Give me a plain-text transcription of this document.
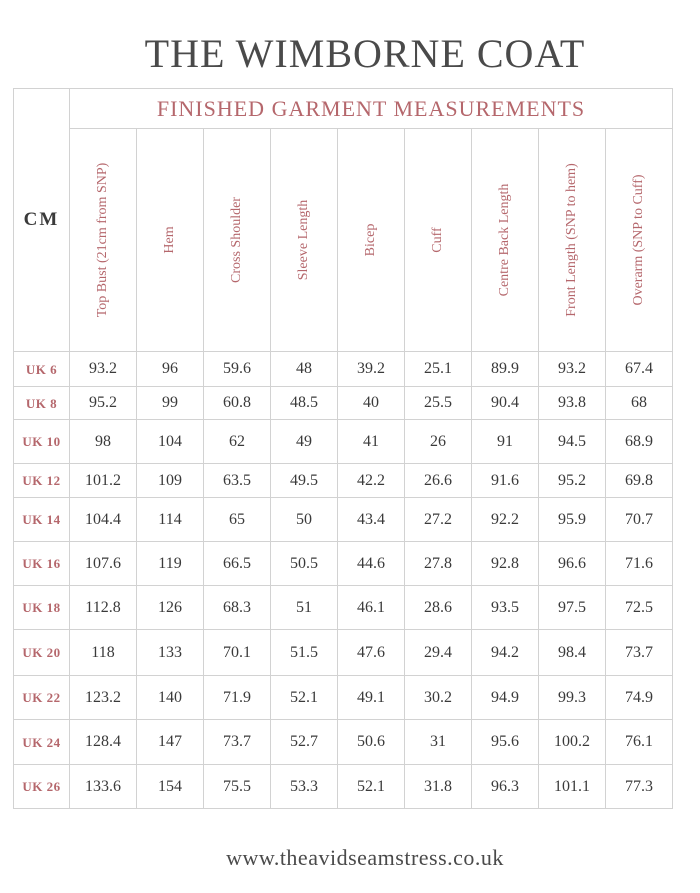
THE WIMBORNE COAT
CM	FINISHED GARMENT MEASUREMENTS								

	Top Bust (21cm from SNP)	Hem	Cross Shoulder	Sleeve Length	Bicep	Cuff	Centre Back Length	Front Length (SNP to hem)	Overarm (SNP to Cuff)

UK 6	93.2	96	59.6	48	39.2	25.1	89.9	93.2	67.4
UK 8	95.2	99	60.8	48.5	40	25.5	90.4	93.8	68
UK 10	98	104	62	49	41	26	91	94.5	68.9
UK 12	101.2	109	63.5	49.5	42.2	26.6	91.6	95.2	69.8
UK 14	104.4	114	65	50	43.4	27.2	92.2	95.9	70.7
UK 16	107.6	119	66.5	50.5	44.6	27.8	92.8	96.6	71.6
UK 18	112.8	126	68.3	51	46.1	28.6	93.5	97.5	72.5
UK 20	118	133	70.1	51.5	47.6	29.4	94.2	98.4	73.7
UK 22	123.2	140	71.9	52.1	49.1	30.2	94.9	99.3	74.9
UK 24	128.4	147	73.7	52.7	50.6	31	95.6	100.2	76.1
UK 26	133.6	154	75.5	53.3	52.1	31.8	96.3	101.1	77.3
www.theavidseamstress.co.uk
